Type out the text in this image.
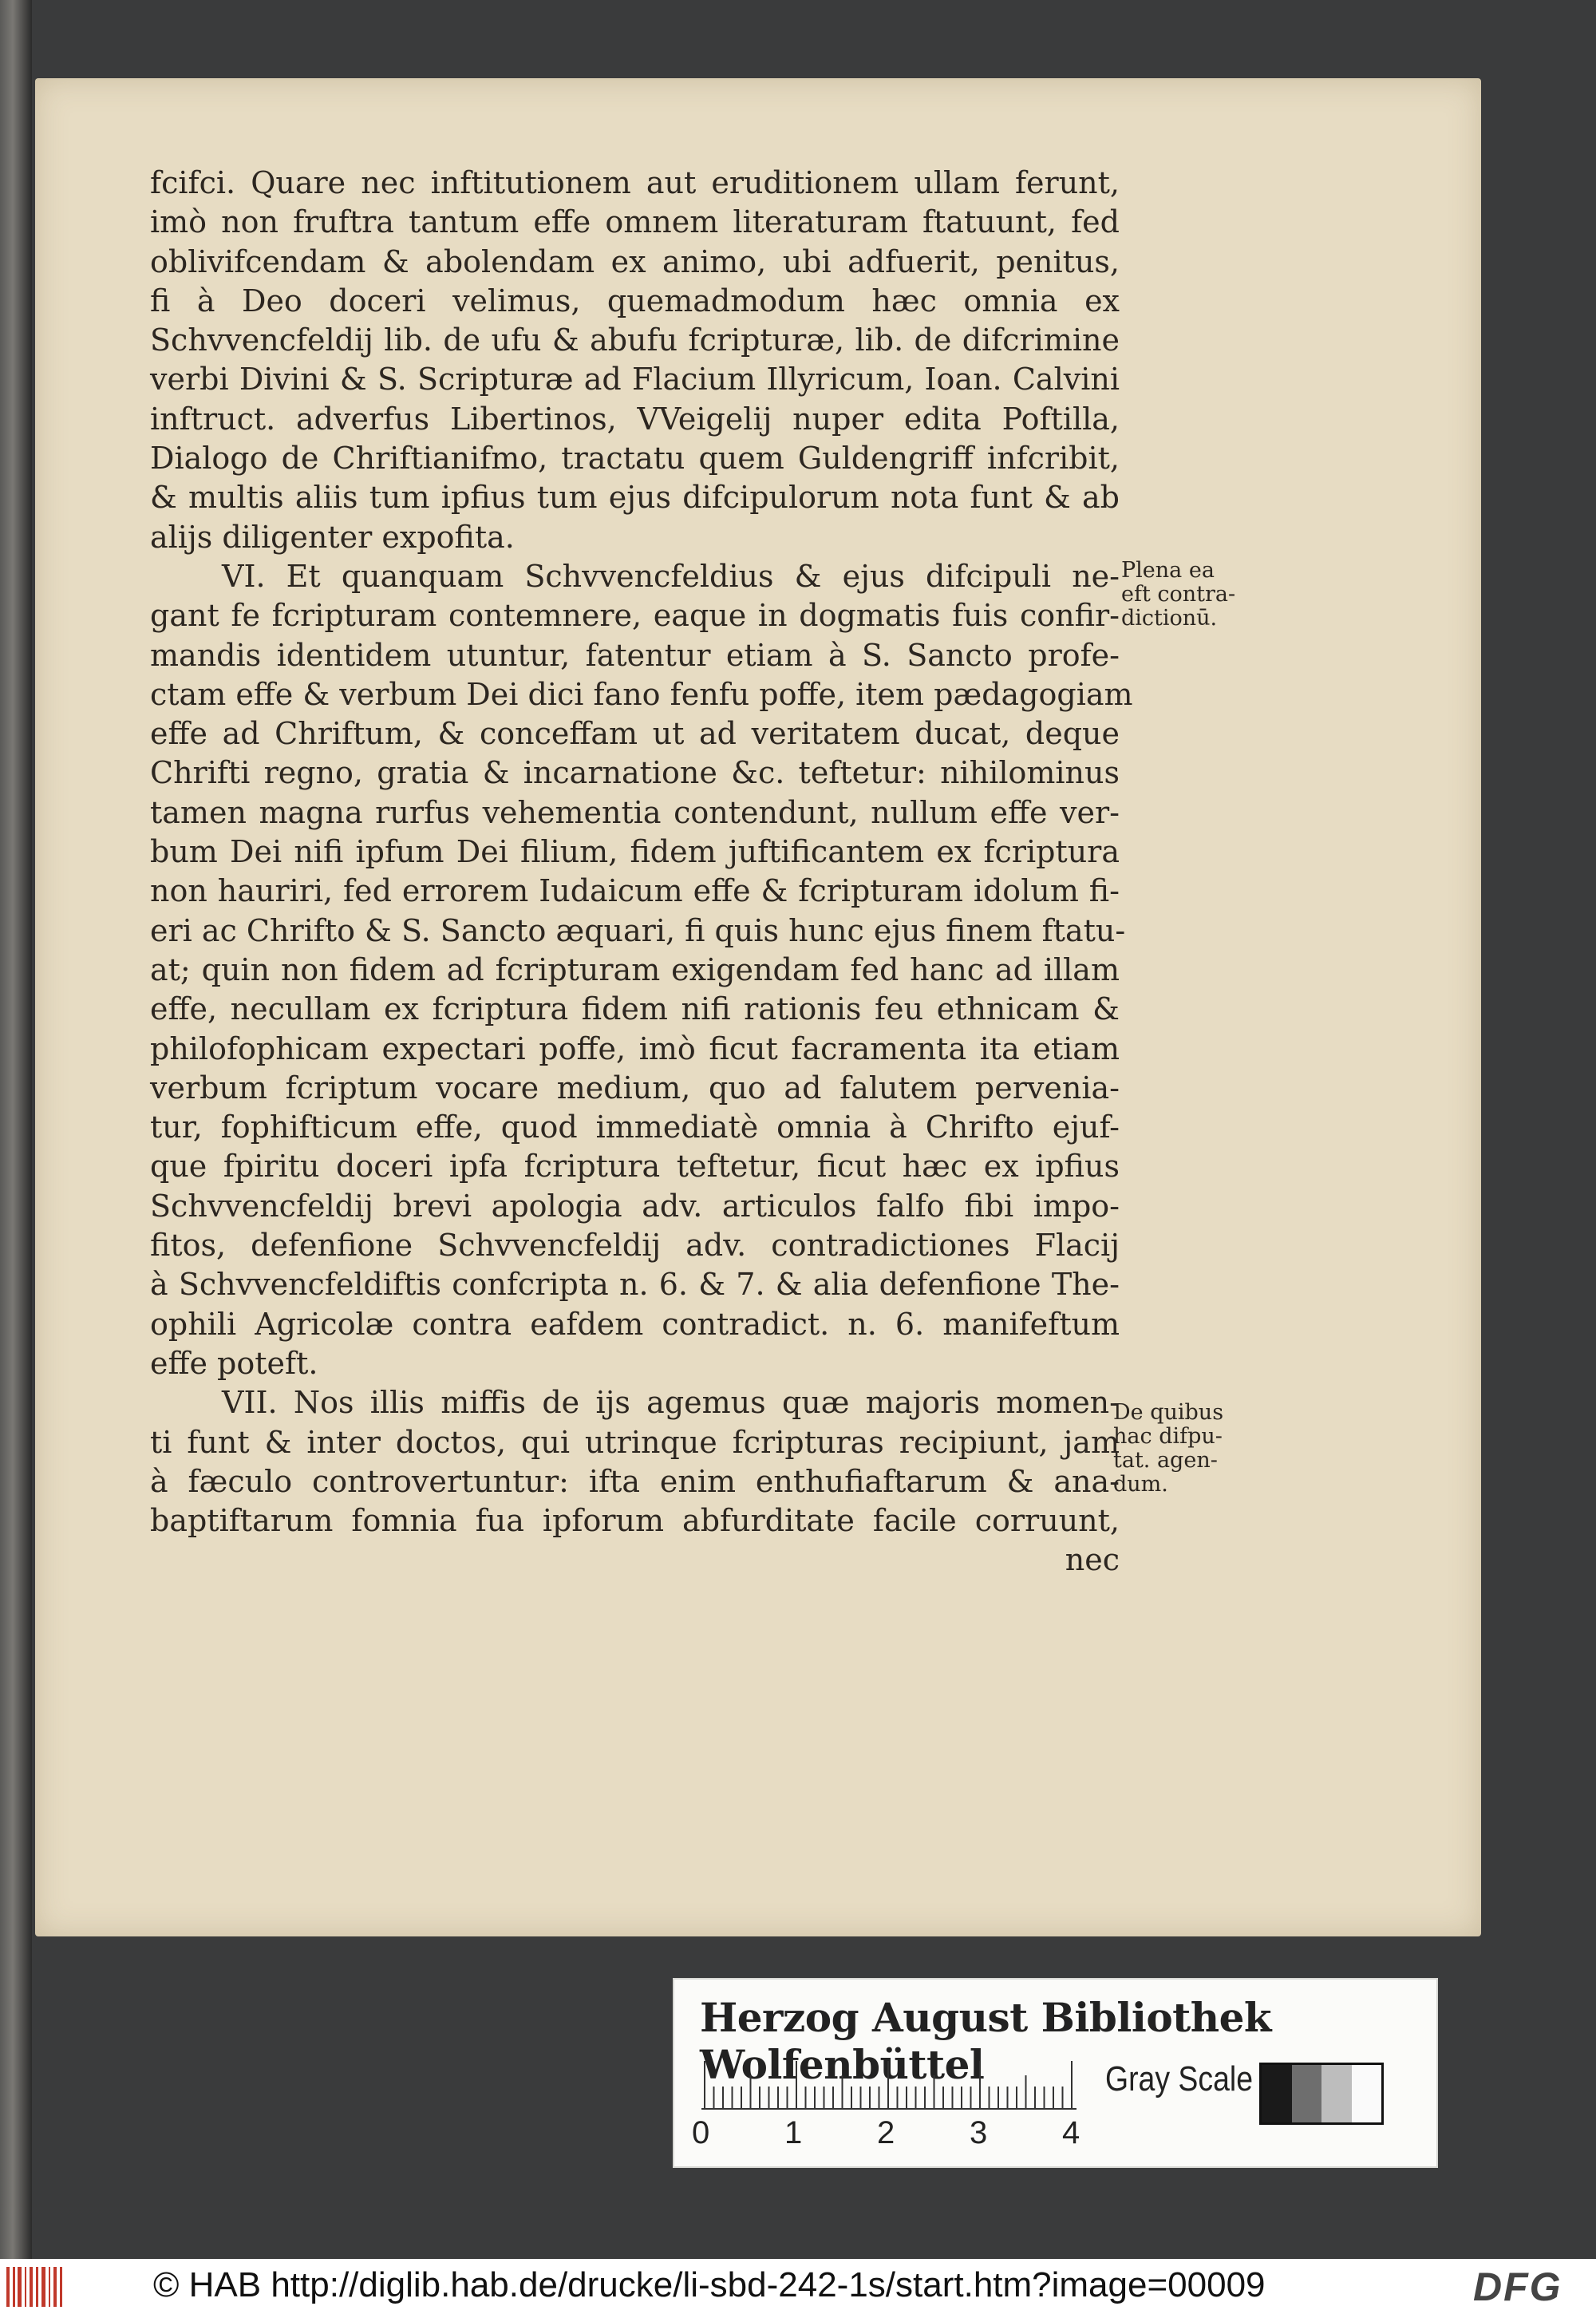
fcifci. Quare nec inftitutionem aut eruditionem ullam ferunt,
imò non fruftra tantum effe omnem literaturam ftatuunt, fed
oblivifcendam & abolendam ex animo, ubi adfuerit, penitus,
fi à Deo doceri velimus, quemadmodum hæc omnia ex
Schvvencfeldij lib. de ufu & abufu fcripturæ, lib. de difcrimine
verbi Divini & S. Scripturæ ad Flacium Illyricum, Ioan. Calvini
inftruct. adverfus Libertinos, VVeigelij nuper edita Poftilla,
Dialogo de Chriftianifmo, tractatu quem Guldengriff infcribit,
& multis aliis tum ipfius tum ejus difcipulorum nota funt & ab
alijs diligenter expofita.
VI. Et quanquam Schvvencfeldius & ejus difcipuli ne-
gant fe fcripturam contemnere, eaque in dogmatis fuis confir-
mandis identidem utuntur, fatentur etiam à S. Sancto profe-
ctam effe & verbum Dei dici fano fenfu poffe, item pædagogiam
effe ad Chriftum, & conceffam ut ad veritatem ducat, deque
Chrifti regno, gratia & incarnatione &c. teftetur: nihilominus
tamen magna rurfus vehementia contendunt, nullum effe ver-
bum Dei nifi ipfum Dei filium, fidem juftificantem ex fcriptura
non hauriri, fed errorem Iudaicum effe & fcripturam idolum fi-
eri ac Chrifto & S. Sancto æquari, fi quis hunc ejus finem ftatu-
at; quin non fidem ad fcripturam exigendam fed hanc ad illam
effe, necullam ex fcriptura fidem nifi rationis feu ethnicam &
philofophicam expectari poffe, imò ficut facramenta ita etiam
verbum fcriptum vocare medium, quo ad falutem pervenia-
tur, fophifticum effe, quod immediatè omnia à Chrifto ejuf-
que fpiritu doceri ipfa fcriptura teftetur, ficut hæc ex ipfius
Schvvencfeldij brevi apologia adv. articulos falfo fibi impo-
fitos, defenfione Schvvencfeldij adv. contradictiones Flacij
à Schvvencfeldiftis confcripta n. 6. & 7. & alia defenfione The-
ophili Agricolæ contra eafdem contradict. n. 6. manifeftum
effe poteft.
VII. Nos illis miffis de ijs agemus quæ majoris momen-
ti funt & inter doctos, qui utrinque fcripturas recipiunt, jam
à fæculo controvertuntur: ifta enim enthufiaftarum & ana-
baptiftarum fomnia fua ipforum abfurditate facile corruunt,
nec
Plena ea
eft contra-
dictionū.
De quibus
hac difpu-
tat. agen-
dum.
Herzog August Bibliothek Wolfenbüttel
0 1 2 3 4
Gray Scale
© HAB http://diglib.hab.de/drucke/li-sbd-242-1s/start.htm?image=00009	DFG
